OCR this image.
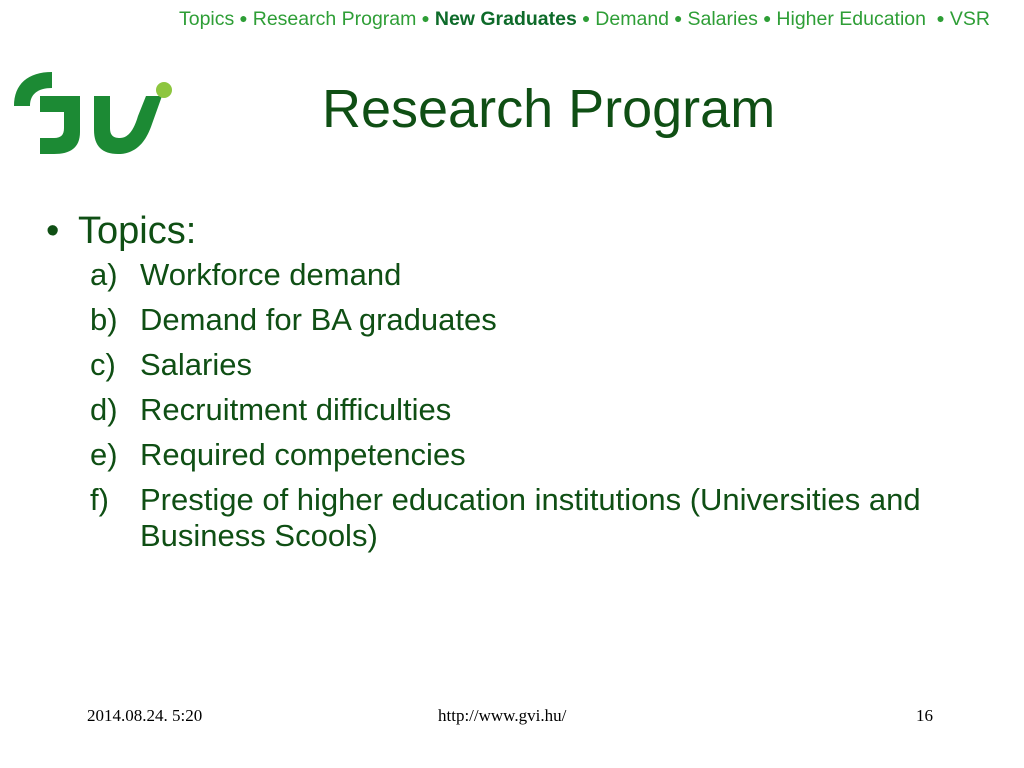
Topics ● Research Program ● New Graduates ● Demand ● Salaries ● Higher Education ● VSR
Research Program
• Topics:
a) Workforce demand
b) Demand for BA graduates
c) Salaries
d) Recruitment difficulties
e) Required competencies
f)	Prestige of higher education institutions (Universities and Business Scools)
2014.08.24. 5:20	http://www.gvi.hu/	16
